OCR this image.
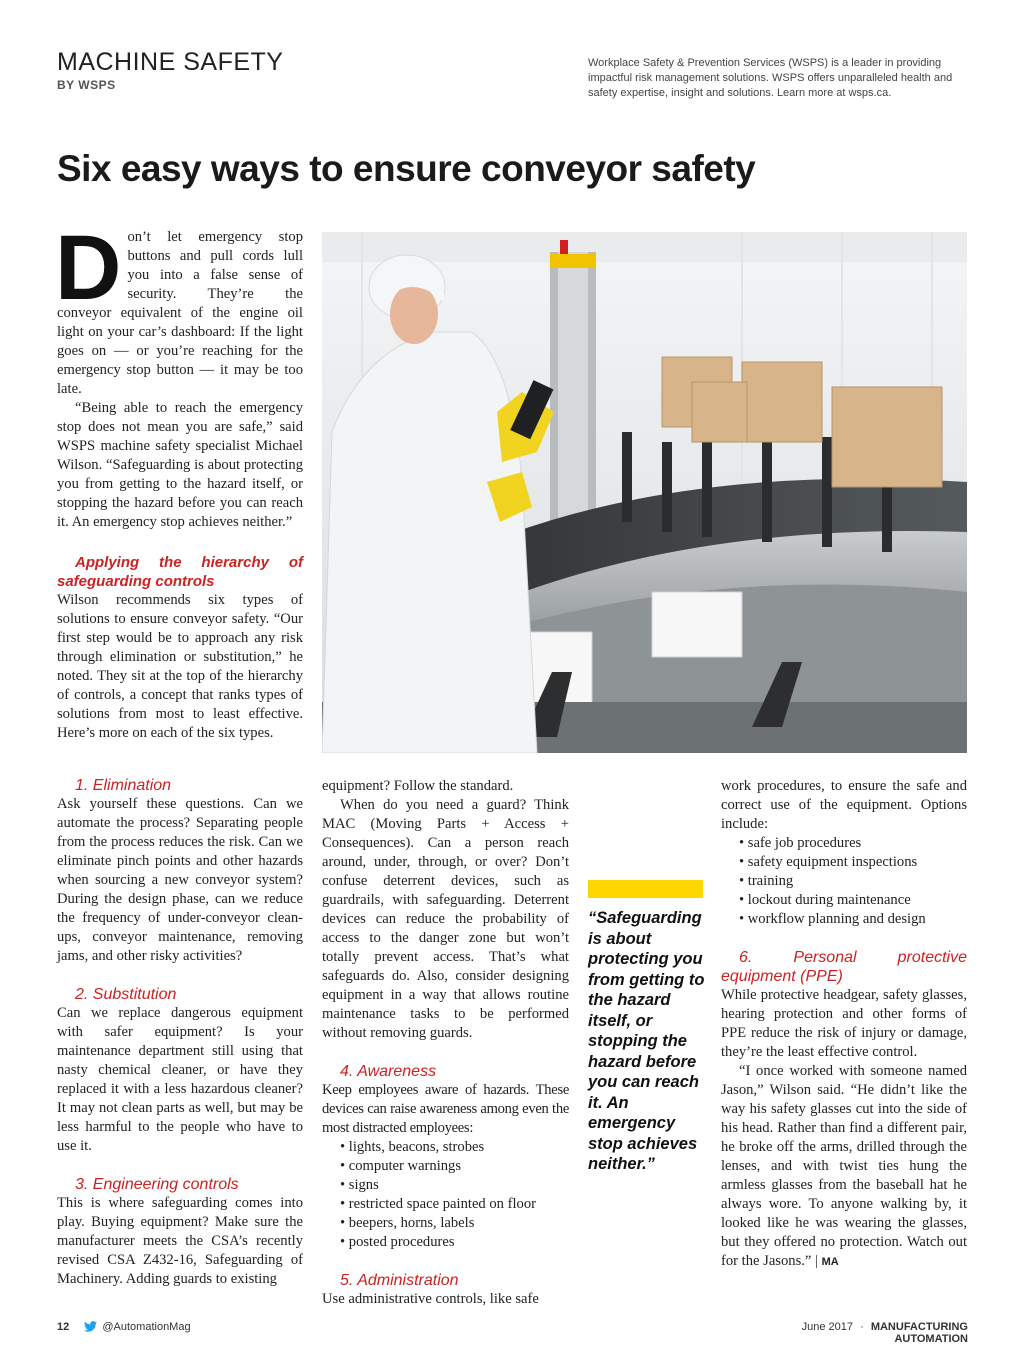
MACHINE SAFETY
BY WSPS
Workplace Safety & Prevention Services (WSPS) is a leader in providing impactful risk management solutions. WSPS offers unparalleled health and safety expertise, insight and solutions. Learn more at wsps.ca.
Six easy ways to ensure conveyor safety

Don’t let emergency stop buttons and pull cords lull you into a false sense of security. They’re the conveyor equivalent of the engine oil light on your car’s dashboard: If the light goes on — or you’re reaching for the emergency stop button — it may be too late.

“Being able to reach the emergency stop does not mean you are safe,” said WSPS machine safety specialist Michael Wilson. “Safeguarding is about protecting you from getting to the hazard itself, or stopping the hazard before you can reach it. An emergency stop achieves neither.”

Applying the hierarchy of safeguarding controls

Wilson recommends six types of solutions to ensure conveyor safety. “Our first step would be to approach any risk through elimination or substitution,” he noted. They sit at the top of the hierarchy of controls, a concept that ranks types of solutions from most to least effective. Here’s more on each of the six types.

1. Elimination

Ask yourself these questions. Can we automate the process? Separating people from the process reduces the risk. Can we eliminate pinch points and other hazards when sourcing a new conveyor system? During the design phase, can we reduce the frequency of under-conveyor clean-ups, conveyor maintenance, removing jams, and other risky activities?

2. Substitution

Can we replace dangerous equipment with safer equipment? Is your maintenance department still using that nasty chemical cleaner, or have they replaced it with a less hazardous cleaner? It may not clean parts as well, but may be less harmful to the people who have to use it.

3. Engineering controls

This is where safeguarding comes into play. Buying equipment? Make sure the manufacturer meets the CSA’s recently revised CSA Z432-16, Safeguarding of Machinery. Adding guards to existing

equipment? Follow the standard.

When do you need a guard? Think MAC (Moving Parts + Access + Consequences). Can a person reach around, under, through, or over? Don’t confuse deterrent devices, such as guardrails, with safeguarding. Deterrent devices can reduce the probability of access to the danger zone but won’t totally prevent access. That’s what safeguards do. Also, consider designing equipment in a way that allows routine maintenance tasks to be performed without removing guards.

4. Awareness

Keep employees aware of hazards. These devices can raise awareness among even the most distracted employees:

• lights, beacons, strobes
• computer warnings
• signs
• restricted space painted on floor
• beepers, horns, labels
• posted procedures

5. Administration

Use administrative controls, like safe

“Safeguarding is about protecting you from getting to the hazard itself, or stopping the hazard before you can reach it. An emergency stop achieves neither.”

work procedures, to ensure the safe and correct use of the equipment. Options include:

• safe job procedures
• safety equipment inspections
• training
• lockout during maintenance
• workflow planning and design

6.	Personal protective equipment (PPE)

While protective headgear, safety glasses, hearing protection and other forms of PPE reduce the risk of injury or damage, they’re the least effective control.

“I once worked with someone named Jason,” Wilson said. “He didn’t like the way his safety glasses cut into the side of his head. Rather than find a different pair, he broke off the arms, drilled through the lenses, and with twist ties hung the armless glasses from the baseball hat he always wore. To anyone walking by, it looked like he was wearing the glasses, but they offered no protection. Watch out for the Jasons.” | MA

12	@AutomationMag	June 2017 · MANUFACTURING AUTOMATION
